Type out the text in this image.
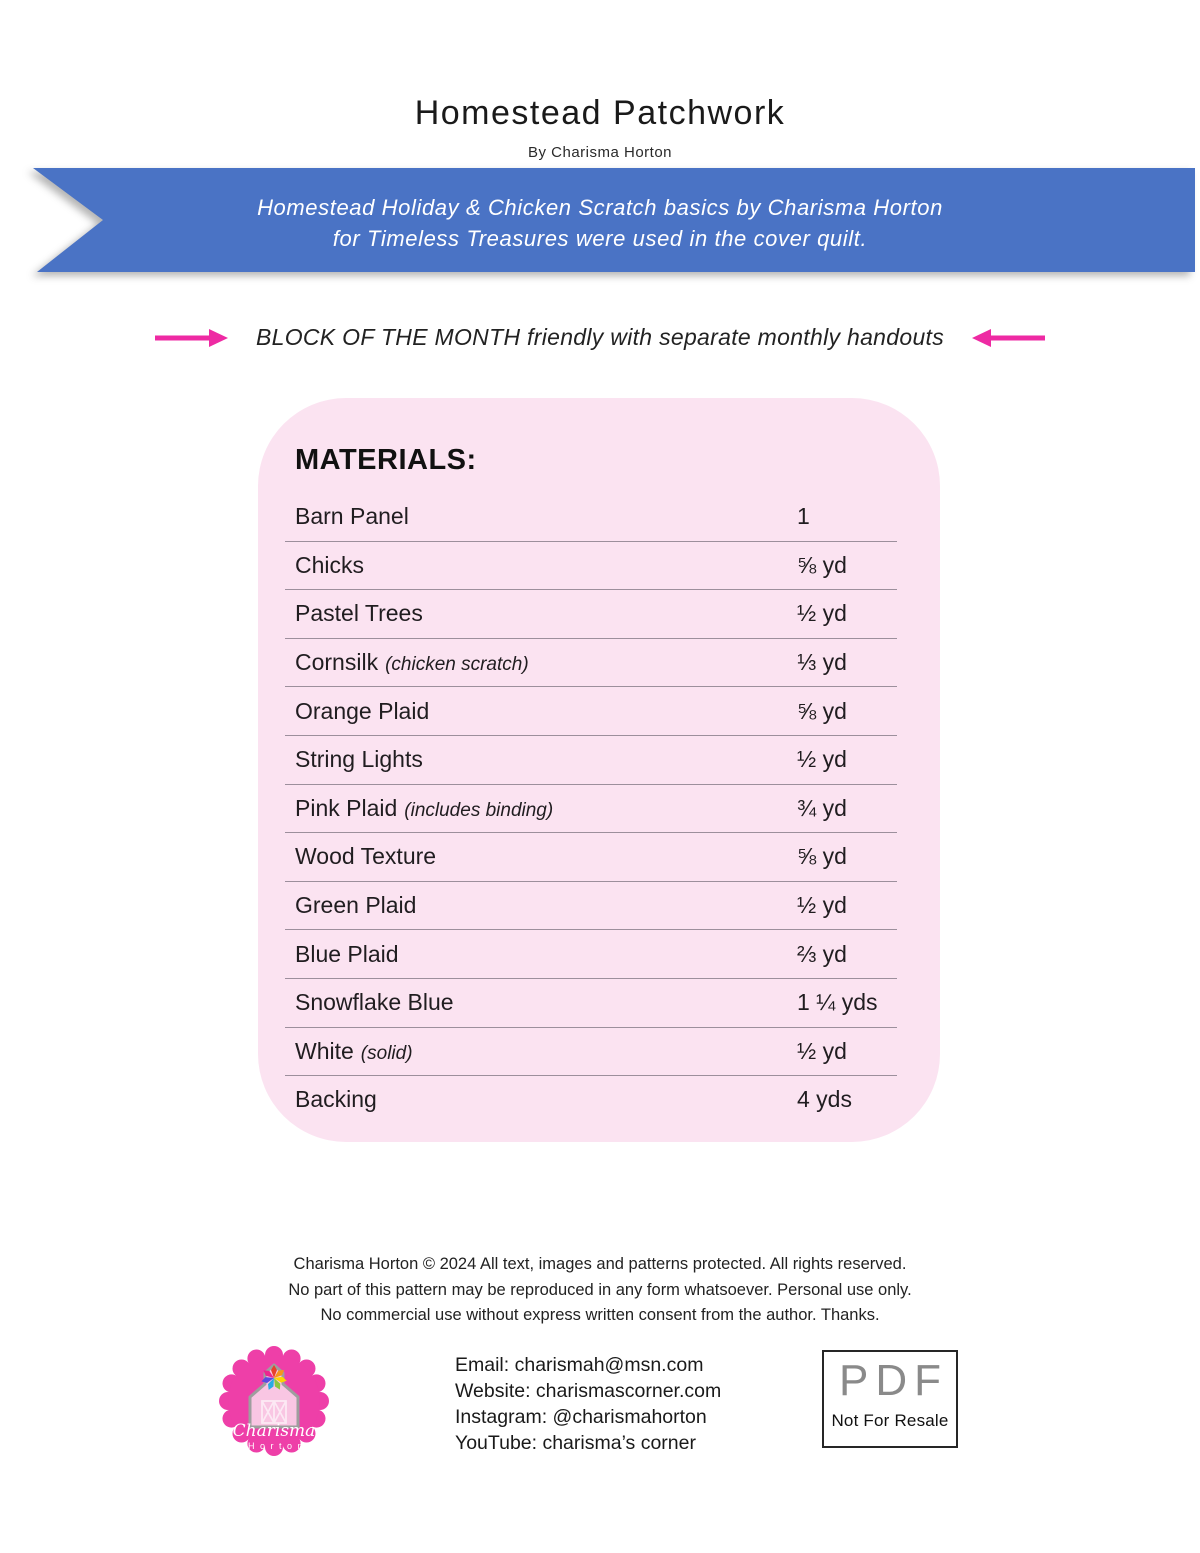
Homestead Patchwork
By Charisma Horton
Homestead Holiday & Chicken Scratch basics by Charisma Horton
for Timeless Treasures were used in the cover quilt.
BLOCK OF THE MONTH friendly with separate monthly handouts
MATERIALS:
Barn Panel	1
Chicks	⅝ yd
Pastel Trees	½ yd
Cornsilk (chicken scratch)	⅓ yd
Orange Plaid	⅝ yd
String Lights	½ yd
Pink Plaid (includes binding)	¾ yd
Wood Texture	⅝ yd
Green Plaid	½ yd
Blue Plaid	⅔ yd
Snowflake Blue	1 ¼ yds
White (solid)	½ yd
Backing	4 yds
Charisma Horton © 2024 All text, images and patterns protected. All rights reserved.
No part of this pattern may be reproduced in any form whatsoever. Personal use only.
No commercial use without express written consent from the author. Thanks.
Charisma
H o r t o n
Email: charismah@msn.com
Website: charismascorner.com
Instagram: @charismahorton
YouTube: charisma’s corner
PDF
Not For Resale
